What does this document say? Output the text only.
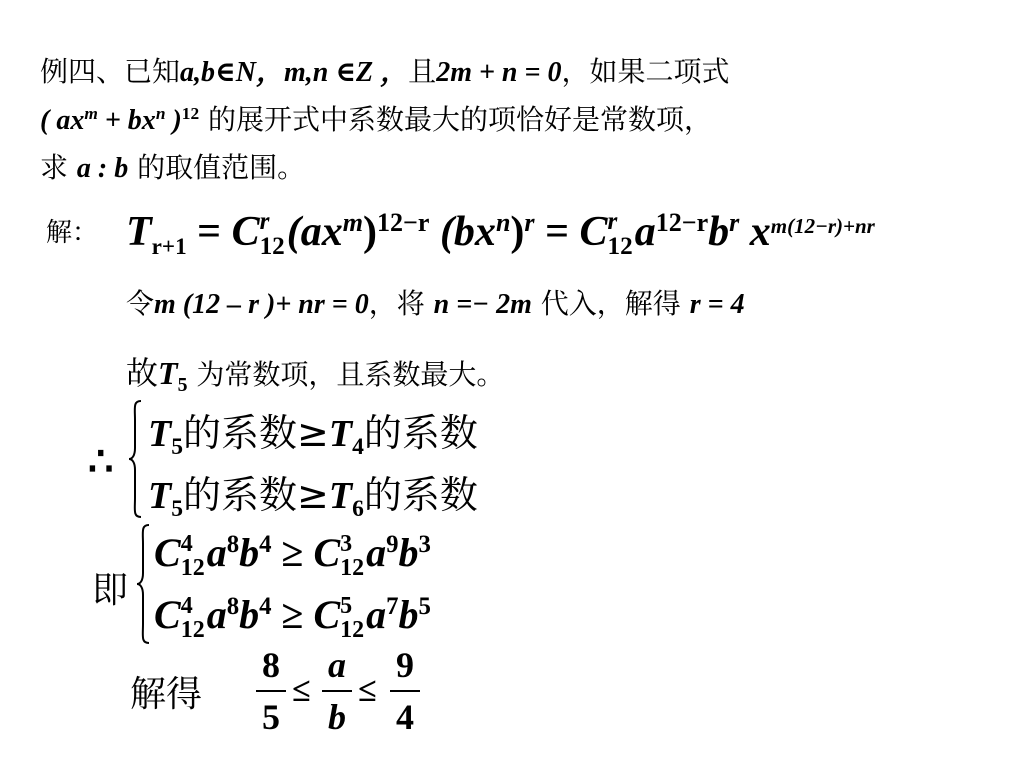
例四、已知a,b∈N，m,n ∈Z ，且2m + n = 0，如果二项式
( $ax^m + bx^n$ )$^{12}$ 的展开式中系数最大的项恰好是常数项，
求 a : b 的取值范围。
解： $T_{r+1} = C$ r
12 $(ax^m)^{12-r}$ $(bx^n)^r = C$ r
12 $a^{12-r}b^r$ $x^{m(12-r)+nr}$
令m (12 – r )+ nr = 0，将 n =− 2m 代入，解得 r = 4
故$T_5$ 为常数项，且系数最大。
∴
$T_5$的系数$\ge T_4$的系数
$T_5$的系数$\ge T_6$的系数
即
C 4
12 $a^8b^4 \ge C$ 3
12 $a^9b^3$
C 4
12 $a^8b^4 \ge C$ 5
12 $a^7b^5$
解得
8
5
≤
a
b
≤
9
4
